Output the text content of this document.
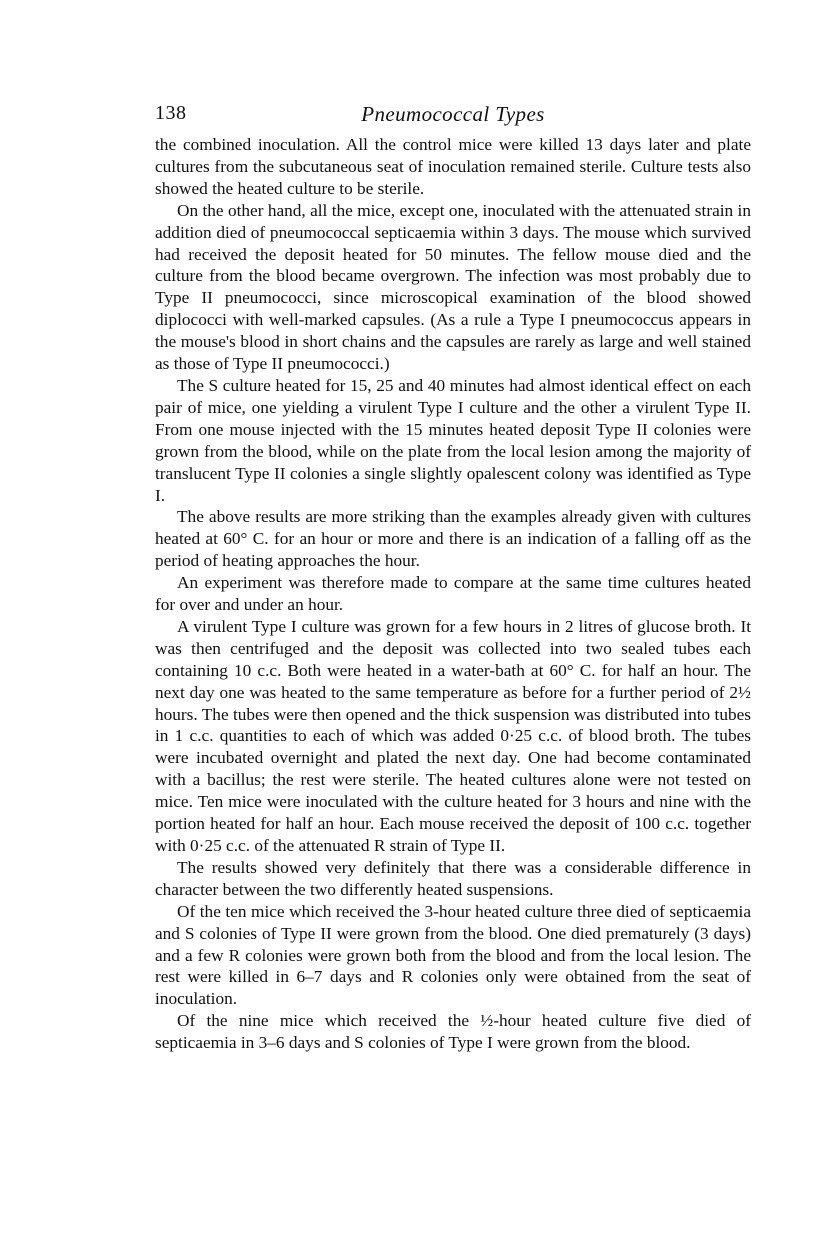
138	Pneumococcal Types

the combined inoculation. All the control mice were killed 13 days later and plate cultures from the subcutaneous seat of inoculation remained sterile. Culture tests also showed the heated culture to be sterile.

On the other hand, all the mice, except one, inoculated with the attenuated strain in addition died of pneumococcal septicaemia within 3 days. The mouse which survived had received the deposit heated for 50 minutes. The fellow mouse died and the culture from the blood became overgrown. The infection was most probably due to Type II pneumococci, since microscopical examination of the blood showed diplococci with well-marked capsules. (As a rule a Type I pneumococcus appears in the mouse's blood in short chains and the capsules are rarely as large and well stained as those of Type II pneumococci.)

The S culture heated for 15, 25 and 40 minutes had almost identical effect on each pair of mice, one yielding a virulent Type I culture and the other a virulent Type II. From one mouse injected with the 15 minutes heated deposit Type II colonies were grown from the blood, while on the plate from the local lesion among the majority of translucent Type II colonies a single slightly opalescent colony was identified as Type I.

The above results are more striking than the examples already given with cultures heated at 60° C. for an hour or more and there is an indication of a falling off as the period of heating approaches the hour.

An experiment was therefore made to compare at the same time cultures heated for over and under an hour.

A virulent Type I culture was grown for a few hours in 2 litres of glucose broth. It was then centrifuged and the deposit was collected into two sealed tubes each containing 10 c.c. Both were heated in a water-bath at 60° C. for half an hour. The next day one was heated to the same temperature as before for a further period of 2½ hours. The tubes were then opened and the thick suspension was distributed into tubes in 1 c.c. quantities to each of which was added 0·25 c.c. of blood broth. The tubes were incubated overnight and plated the next day. One had become contaminated with a bacillus; the rest were sterile. The heated cultures alone were not tested on mice. Ten mice were inoculated with the culture heated for 3 hours and nine with the portion heated for half an hour. Each mouse received the deposit of 100 c.c. together with 0·25 c.c. of the attenuated R strain of Type II.

The results showed very definitely that there was a considerable difference in character between the two differently heated suspensions.

Of the ten mice which received the 3-hour heated culture three died of septicaemia and S colonies of Type II were grown from the blood. One died prematurely (3 days) and a few R colonies were grown both from the blood and from the local lesion. The rest were killed in 6–7 days and R colonies only were obtained from the seat of inoculation.

Of the nine mice which received the ½-hour heated culture five died of septicaemia in 3–6 days and S colonies of Type I were grown from the blood.
